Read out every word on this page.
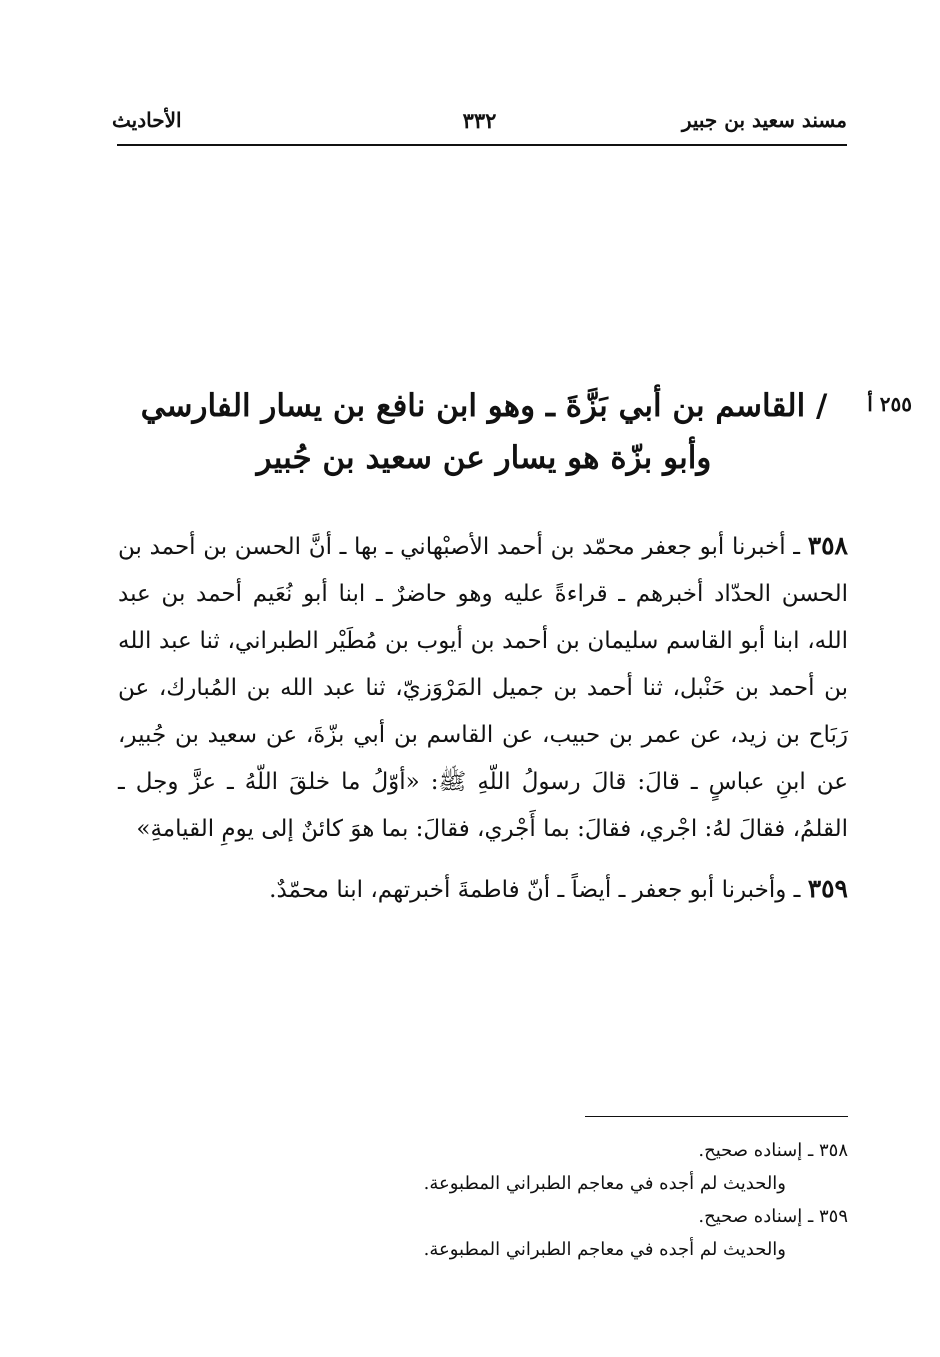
مسند سعيد بن جبير
٣٣٢
الأحاديث
٢٥٥ أ
/ القاسم بن أبي بَزَّةَ ـ وهو ابن نافع بن يسار الفارسي وأبو بزّة هو يسار عن سعيد بن جُبير

٣٥٨ ـ أخبرنا أبو جعفر محمّد بن أحمد الأصبْهاني ـ بها ـ أنَّ الحسن بن أحمد بن الحسن الحدّاد أخبرهم ـ قراءةً عليه وهو حاضرٌ ـ ابنا أبو نُعَيم أحمد بن عبد الله، ابنا أبو القاسم سليمان بن أحمد بن أيوب بن مُطَيْر الطبراني، ثنا عبد الله بن أحمد بن حَنْبل، ثنا أحمد بن جميل المَرْوَزيّ، ثنا عبد الله بن المُبارك، عن رَبَاح بن زيد، عن عمر بن حبيب، عن القاسم بن أبي بزّةَ، عن سعيد بن جُبير، عن ابنِ عباسٍ ـ قالَ: قالَ رسولُ اللّهِ ﷺ: «أوّلُ ما خلقَ اللّهُ ـ عزَّ وجل ـ القلمُ، فقالَ لهُ: اجْري، فقالَ: بما أَجْري، فقالَ: بما هوَ كائنٌ إلى يومِ القيامةِ»

٣٥٩ ـ وأخبرنا أبو جعفر ـ أيضاً ـ أنّ فاطمةَ أخبرتهم، ابنا محمّدٌ.

٣٥٨ ـ إسناده صحيح.
والحديث لم أجده في معاجم الطبراني المطبوعة.
٣٥٩ ـ إسناده صحيح.
والحديث لم أجده في معاجم الطبراني المطبوعة.
